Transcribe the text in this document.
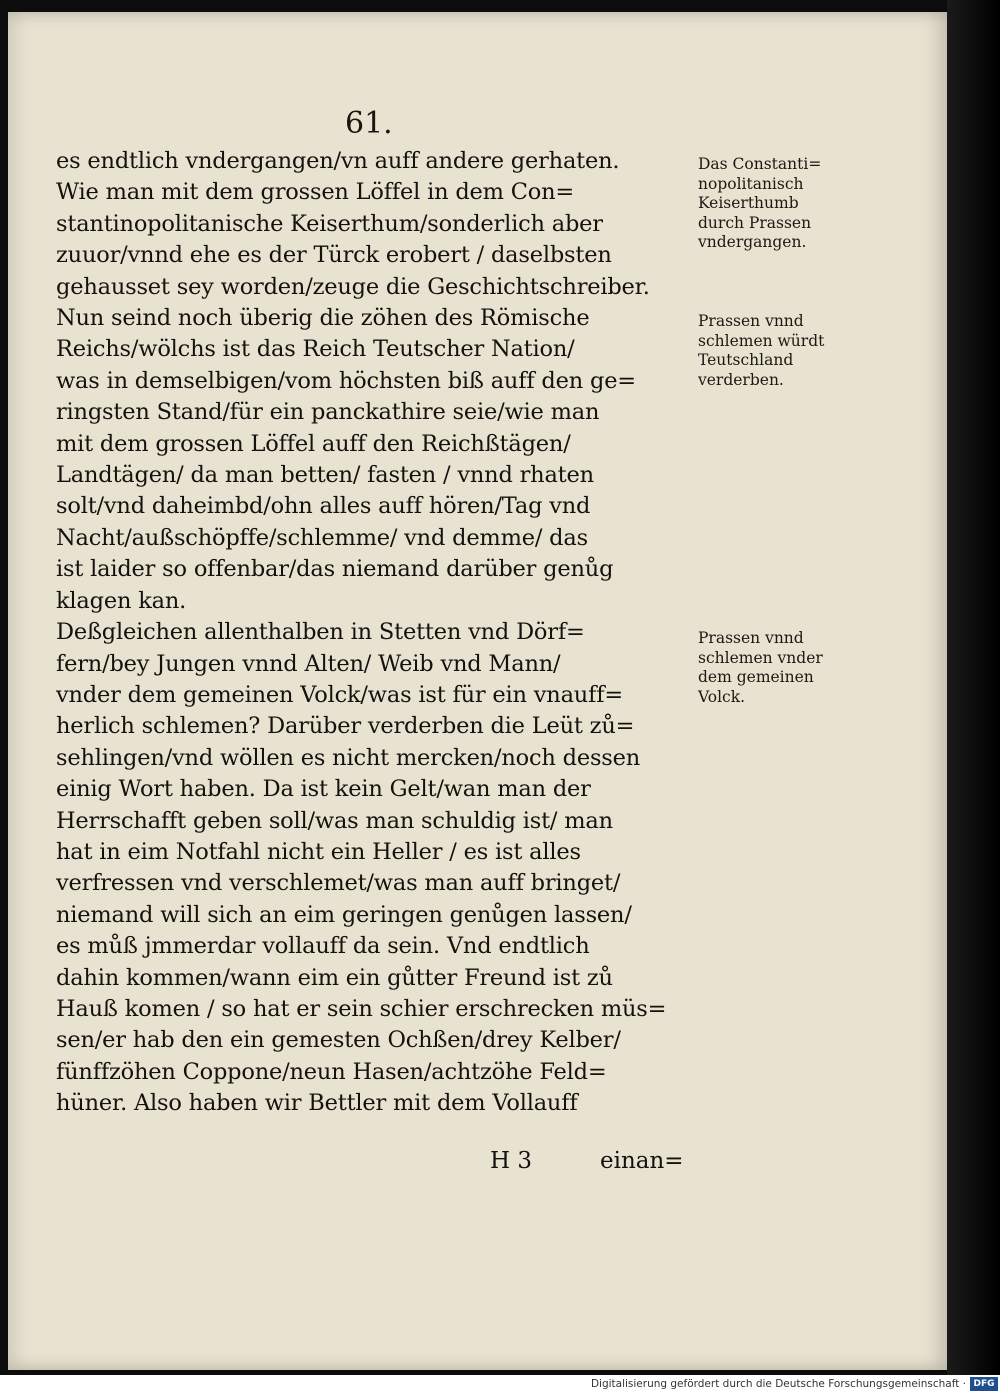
61.
es endtlich vndergangen/vn auff andere gerhaten.
Wie man mit dem grossen Löffel in dem Con=
stantinopolitanische Keiserthum/sonderlich aber
zuuor/vnnd ehe es der Türck erobert / daselbsten
gehausset sey worden/zeuge die Geschichtschreiber.
Nun seind noch überig die zöhen des Römische
Reichs/wölchs ist das Reich Teutscher Nation/
was in demselbigen/vom höchsten biß auff den ge=
ringsten Stand/für ein panckathire seie/wie man
mit dem grossen Löffel auff den Reichßtägen/
Landtägen/ da man betten/ fasten / vnnd rhaten
solt/vnd daheimbd/ohn alles auff hören/Tag vnd
Nacht/außschöpffe/schlemme/ vnd demme/ das
ist laider so offenbar/das niemand darüber genůg
klagen kan.
Deßgleichen allenthalben in Stetten vnd Dörf=
fern/bey Jungen vnnd Alten/ Weib vnd Mann/
vnder dem gemeinen Volck/was ist für ein vnauff=
herlich schlemen? Darüber verderben die Leüt zů=
sehlingen/vnd wöllen es nicht mercken/noch dessen
einig Wort haben. Da ist kein Gelt/wan man der
Herrschafft geben soll/was man schuldig ist/ man
hat in eim Notfahl nicht ein Heller / es ist alles
verfressen vnd verschlemet/was man auff bringet/
niemand will sich an eim geringen genůgen lassen/
es můß jmmerdar vollauff da sein. Vnd endtlich
dahin kommen/wann eim ein gůtter Freund ist zů
Hauß komen / so hat er sein schier erschrecken müs=
sen/er hab den ein gemesten Ochßen/drey Kelber/
fünffzöhen Coppone/neun Hasen/achtzöhe Feld=
hüner. Also haben wir Bettler mit dem Vollauff
H 3	einan=
Das Constanti=
nopolitanisch
Keiserthumb
durch Prassen
vndergangen.
Prassen vnnd
schlemen würdt
Teutschland
verderben.
Prassen vnnd
schlemen vnder
dem gemeinen
Volck.
Digitalisierung gefördert durch die Deutsche Forschungsgemeinschaft · DFG
